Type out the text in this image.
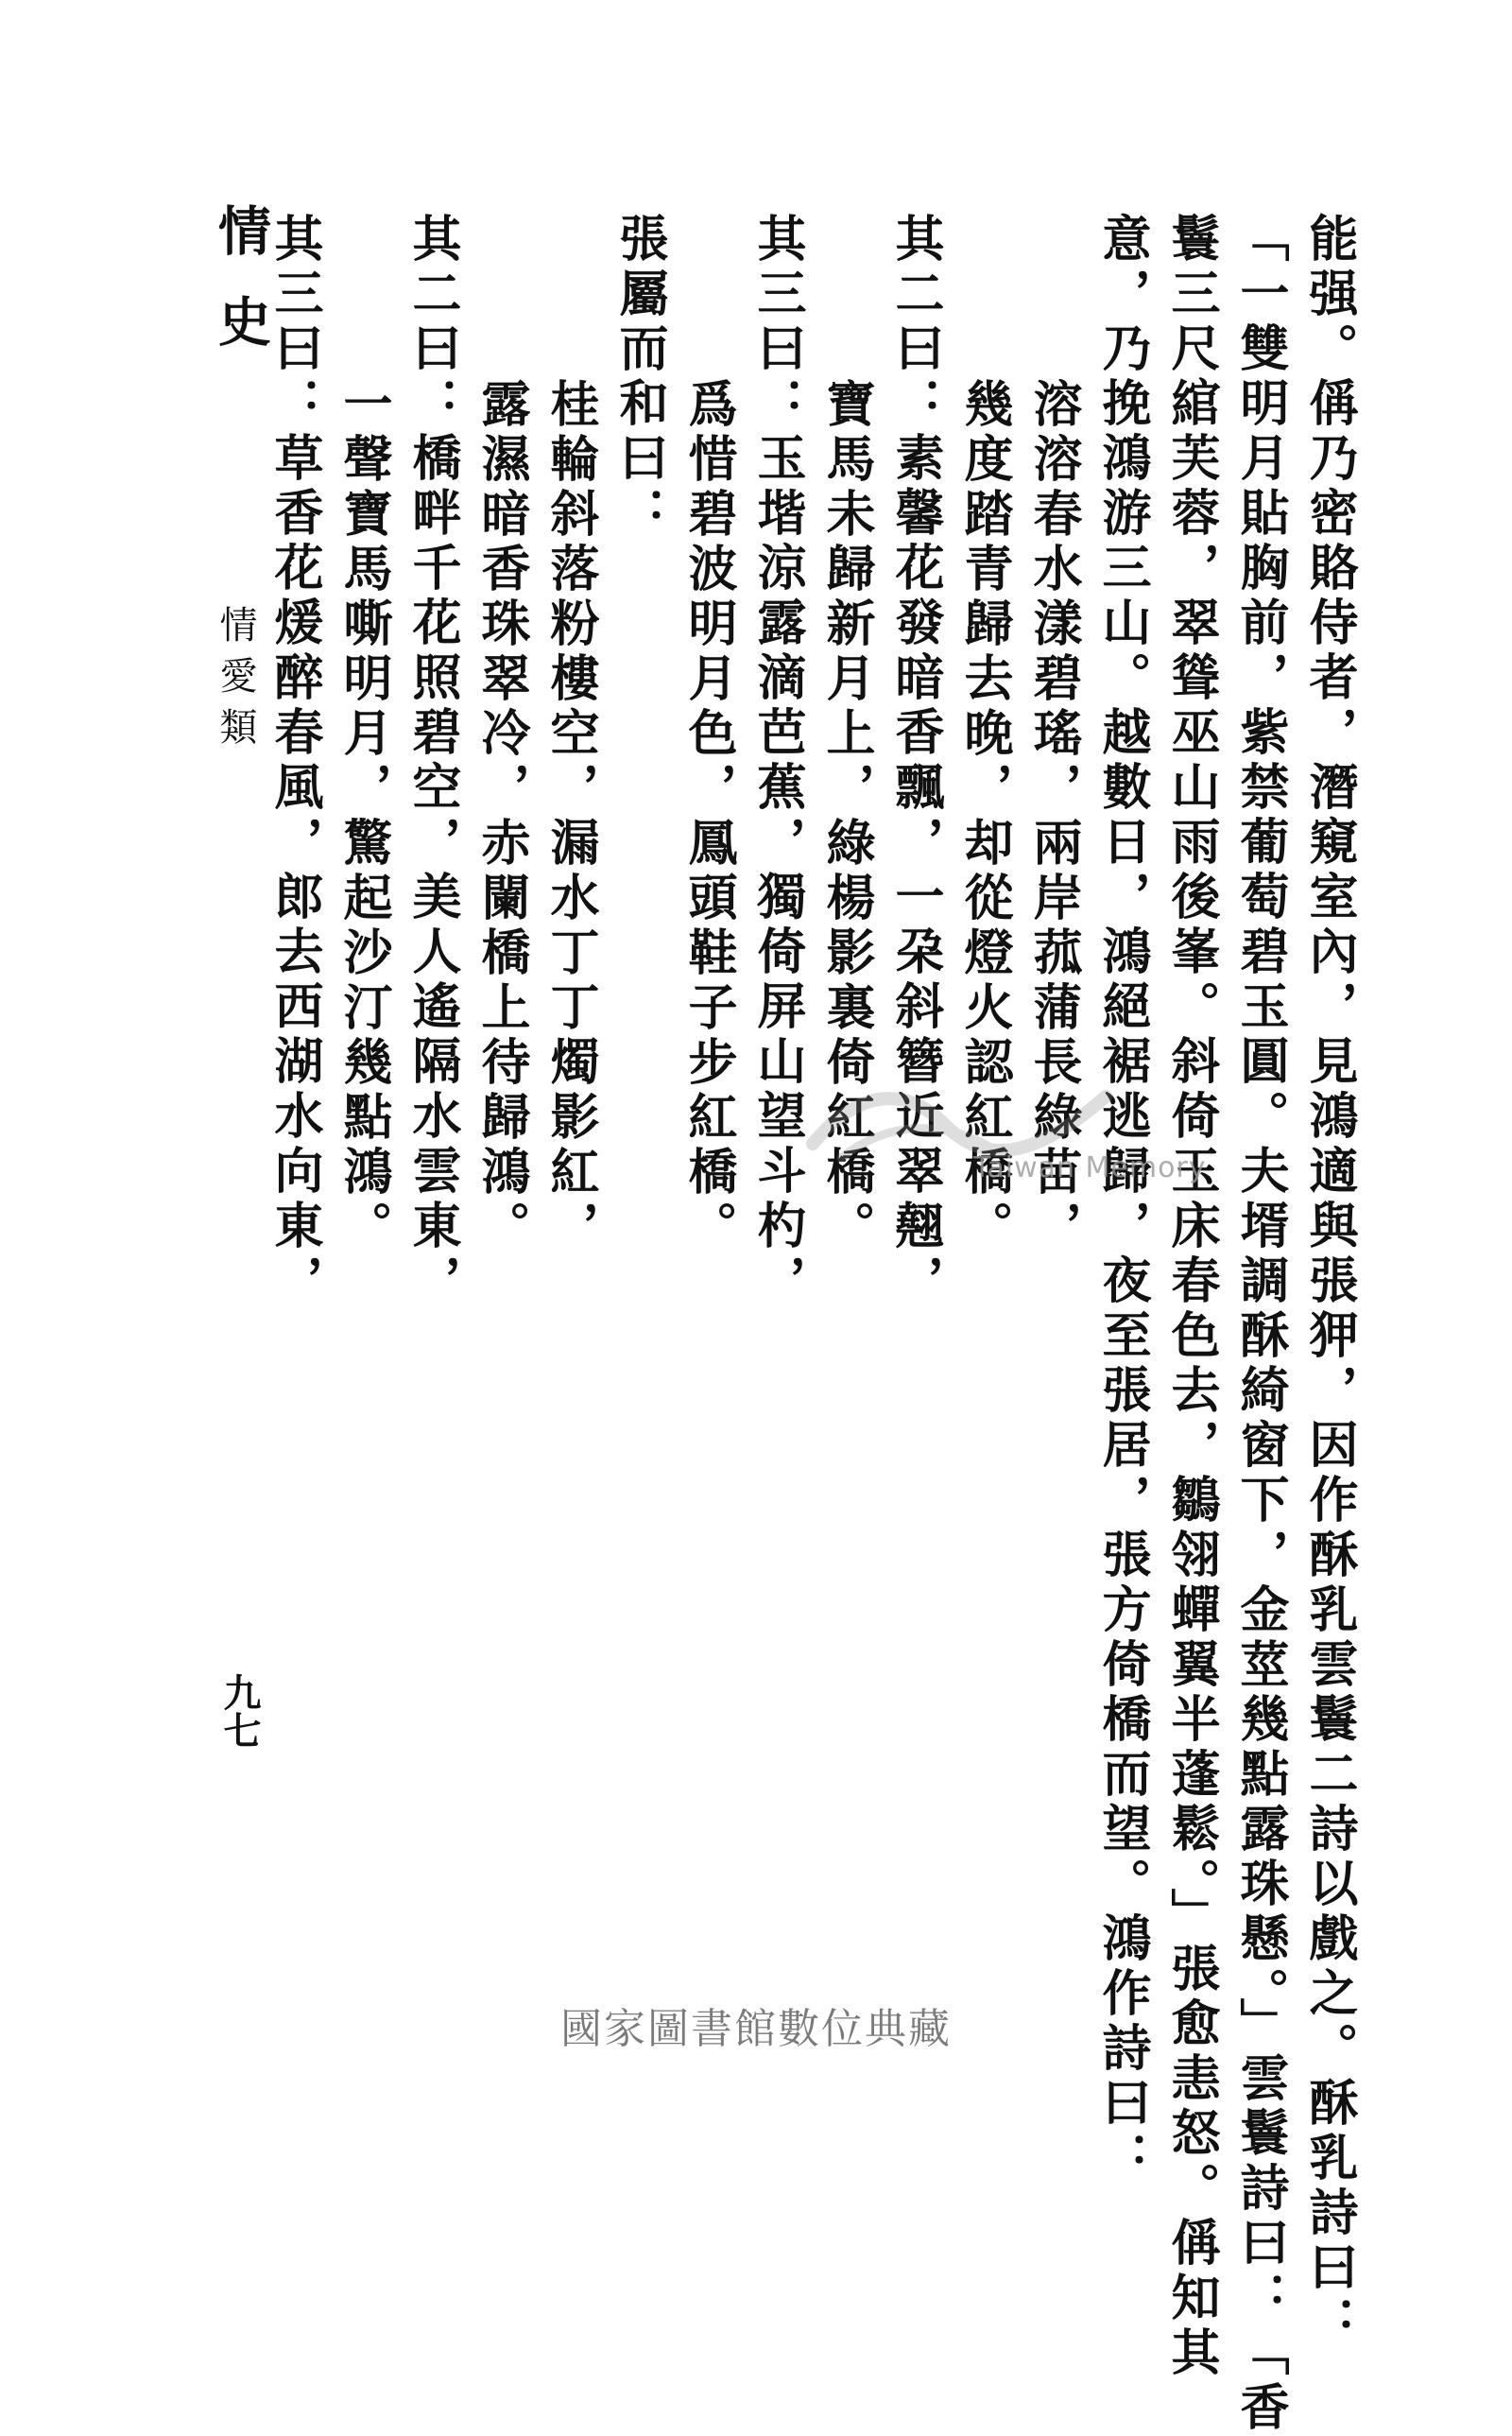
能强。偁乃密賂侍者，潛窺室內，見鴻適與張狎，因作酥乳雲鬟二詩以戲之。酥乳詩曰：
「一雙明月貼胸前，紫禁葡萄碧玉圓。夫壻調酥綺窗下，金莖幾點露珠懸。」雲鬟詩曰：「香
鬟三尺綰芙蓉，翠聳巫山雨後峯。斜倚玉床春色去，鶵翎蟬翼半蓬鬆。」張愈恚怒。偁知其
意，乃挽鴻游三山。越數日，鴻絕裾逃歸，夜至張居，張方倚橋而望。鴻作詩曰：
溶溶春水漾碧瑤，兩岸菰蒲長綠苗，
幾度踏青歸去晚，却從燈火認紅橋。
其二曰：素馨花發暗香飄，一朶斜簪近翠翹，
寶馬未歸新月上，綠楊影裏倚紅橋。
其三曰：玉堦涼露滴芭蕉，獨倚屏山望斗杓，
爲惜碧波明月色，鳳頭鞋子步紅橋。
張屬而和曰：
桂輪斜落粉樓空，漏水丁丁燭影紅，
露濕暗香珠翠冷，赤闌橋上待歸鴻。
其二曰：橋畔千花照碧空，美人遙隔水雲東，
一聲寶馬嘶明月，驚起沙汀幾點鴻。
其三曰：草香花煖醉春風，郎去西湖水向東，
情史
情愛類
九七
Taiwan Memory
國家圖書館數位典藏
